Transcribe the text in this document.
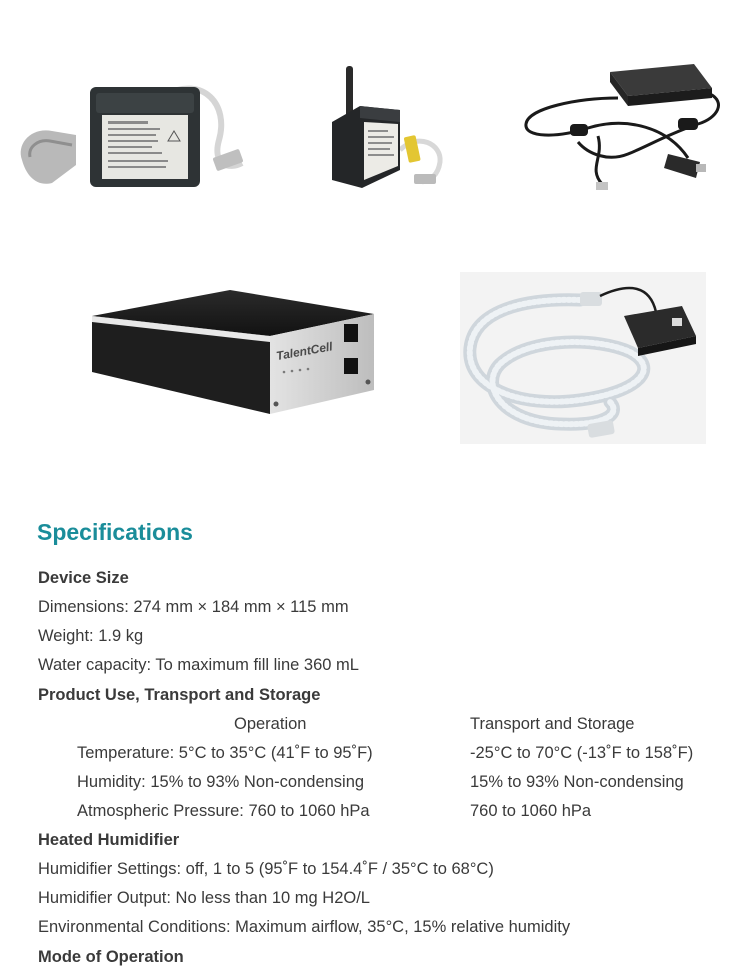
TalentCell
Specifications
Device Size
Dimensions: 274 mm × 184 mm × 115 mm
Weight: 1.9 kg
Water capacity: To maximum fill line 360 mL
Product Use, Transport and Storage
Operation	Transport and Storage
Temperature: 5°C to 35°C (41˚F to 95˚F)	-25°C to 70°C (-13˚F to 158˚F)
Humidity: 15% to 93% Non-condensing	15% to 93% Non-condensing
Atmospheric Pressure: 760 to 1060 hPa	760 to 1060 hPa
Heated Humidifier
Humidifier Settings: off, 1 to 5 (95˚F to 154.4˚F / 35°C to 68°C)
Humidifier Output: No less than 10 mg H2O/L
Environmental Conditions: Maximum airflow, 35°C, 15% relative humidity
Mode of Operation
